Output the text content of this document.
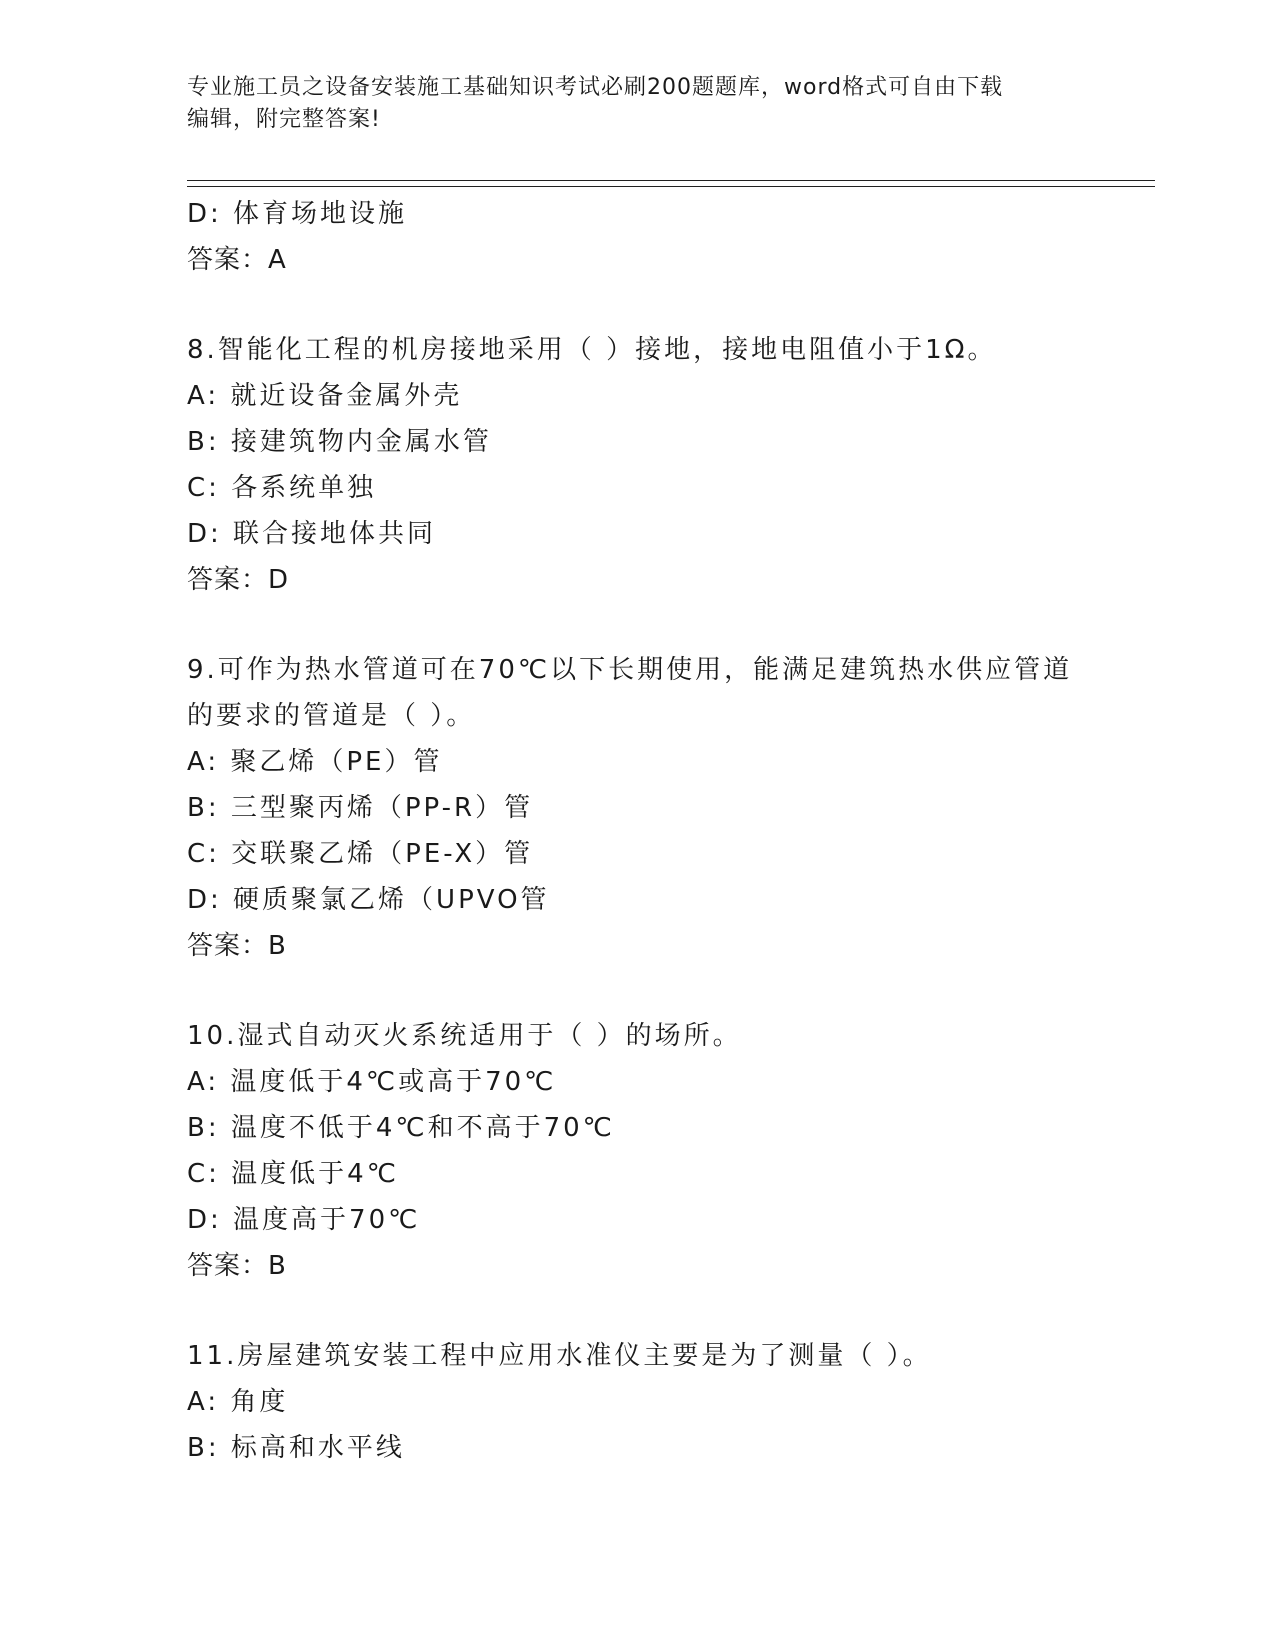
专业施工员之设备安装施工基础知识考试必刷200题题库，word格式可自由下载
编辑，附完整答案!
D: 体育场地设施
答案：A
8.智能化工程的机房接地采用（ ）接地，接地电阻值小于1Ω。
A: 就近设备金属外壳
B: 接建筑物内金属水管
C: 各系统单独
D: 联合接地体共同
答案：D
9.可作为热水管道可在70℃以下长期使用，能满足建筑热水供应管道
的要求的管道是（ ）。
A: 聚乙烯（PE）管
B: 三型聚丙烯（PP-R）管
C: 交联聚乙烯（PE-X）管
D: 硬质聚氯乙烯（UPVO管
答案：B
10.湿式自动灭火系统适用于（ ）的场所。
A: 温度低于4℃或高于70℃
B: 温度不低于4℃和不高于70℃
C: 温度低于4℃
D: 温度高于70℃
答案：B
11.房屋建筑安装工程中应用水准仪主要是为了测量（ ）。
A: 角度
B: 标高和水平线
